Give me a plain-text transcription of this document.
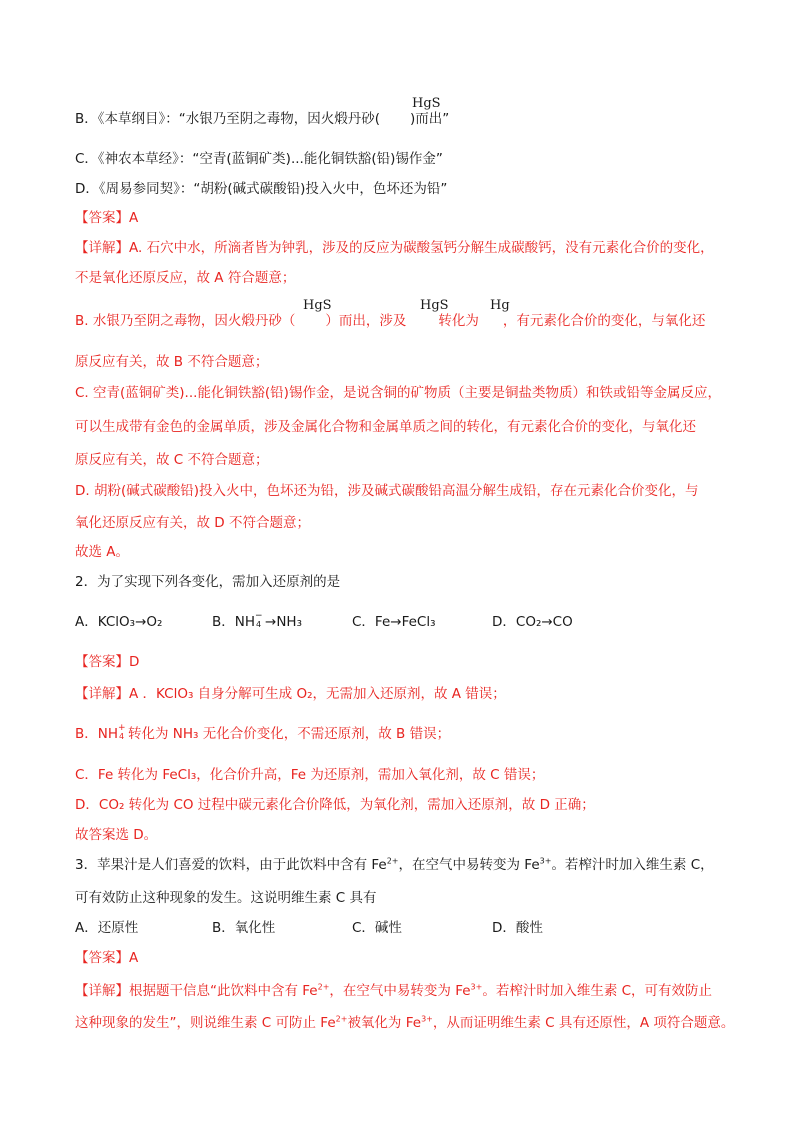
HgS
B．《本草纲目》：“水银乃至阴之毒物，因火煅丹砂( )而出”
C．《神农本草经》：“空青(蓝铜矿类)...能化铜铁豁(铅)锡作金”
D．《周易参同契》：“胡粉(碱式碳酸铅)投入火中，色坏还为铅”
【答案】A
【详解】A. 石穴中水，所滴者皆为钟乳，涉及的反应为碳酸氢钙分解生成碳酸钙，没有元素化合价的变化，
不是氧化还原反应，故 A 符合题意；
HgS	HgS	Hg
B. 水银乃至阴之毒物，因火煅丹砂（ ）而出，涉及 转化为 ，有元素化合价的变化，与氧化还
原反应有关，故 B 不符合题意；
C. 空青(蓝铜矿类)...能化铜铁豁(铅)锡作金，是说含铜的矿物质（主要是铜盐类物质）和铁或铅等金属反应，
可以生成带有金色的金属单质，涉及金属化合物和金属单质之间的转化，有元素化合价的变化，与氧化还
原反应有关，故 C 不符合题意；
D. 胡粉(碱式碳酸铅)投入火中，色坏还为铅，涉及碱式碳酸铅高温分解生成铅，存在元素化合价变化，与
氧化还原反应有关，故 D 不符合题意；
故选 A。
2．为了实现下列各变化，需加入还原剂的是
A．KClO₃→O₂	B．NH −
4 →NH₃	C．Fe→FeCl₃	D．CO₂→CO
【答案】D
【详解】A ．KClO₃ 自身分解可生成 O₂，无需加入还原剂，故 A 错误；
B．NH +
4 转化为 NH₃ 无化合价变化，不需还原剂，故 B 错误；
C．Fe 转化为 FeCl₃，化合价升高，Fe 为还原剂，需加入氧化剂，故 C 错误；
D．CO₂ 转化为 CO 过程中碳元素化合价降低，为氧化剂，需加入还原剂，故 D 正确；
故答案选 D。
3．苹果汁是人们喜爱的饮料，由于此饮料中含有 $Fe^{2+}$，在空气中易转变为 $Fe^{3+}$。若榨汁时加入维生素 C，
可有效防止这种现象的发生。这说明维生素 C 具有
A．还原性	B．氧化性	C．碱性	D．酸性
【答案】A
【详解】根据题干信息“此饮料中含有 $Fe^{2+}$，在空气中易转变为 $Fe^{3+}$。若榨汁时加入维生素 C，可有效防止
这种现象的发生”，则说维生素 C 可防止 $Fe^{2+}$被氧化为 $Fe^{3+}$，从而证明维生素 C 具有还原性，A 项符合题意。
